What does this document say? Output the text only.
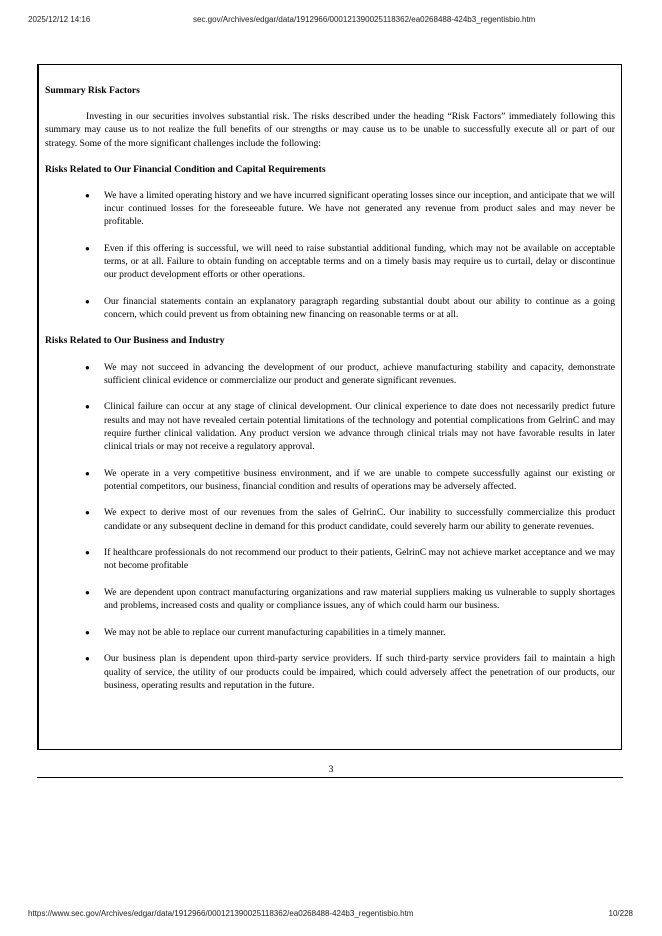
2025/12/12 14:16	sec.gov/Archives/edgar/data/1912966/000121390025118362/ea0268488-424b3_regentisbio.htm

Summary Risk Factors

Investing in our securities involves substantial risk. The risks described under the heading “Risk Factors” immediately following this summary may cause us to not realize the full benefits of our strengths or may cause us to be unable to successfully execute all or part of our strategy. Some of the more significant challenges include the following:

Risks Related to Our Financial Condition and Capital Requirements

● We have a limited operating history and we have incurred significant operating losses since our inception, and anticipate that we will incur continued losses for the foreseeable future. We have not generated any revenue from product sales and may never be profitable.
● Even if this offering is successful, we will need to raise substantial additional funding, which may not be available on acceptable terms, or at all. Failure to obtain funding on acceptable terms and on a timely basis may require us to curtail, delay or discontinue our product development efforts or other operations.
● Our financial statements contain an explanatory paragraph regarding substantial doubt about our ability to continue as a going concern, which could prevent us from obtaining new financing on reasonable terms or at all.

Risks Related to Our Business and Industry

● We may not succeed in advancing the development of our product, achieve manufacturing stability and capacity, demonstrate sufficient clinical evidence or commercialize our product and generate significant revenues.
● Clinical failure can occur at any stage of clinical development. Our clinical experience to date does not necessarily predict future results and may not have revealed certain potential limitations of the technology and potential complications from GelrinC and may require further clinical validation. Any product version we advance through clinical trials may not have favorable results in later clinical trials or may not receive a regulatory approval.
● We operate in a very competitive business environment, and if we are unable to compete successfully against our existing or potential competitors, our business, financial condition and results of operations may be adversely affected.
● We expect to derive most of our revenues from the sales of GelrinC. Our inability to successfully commercialize this product candidate or any subsequent decline in demand for this product candidate, could severely harm our ability to generate revenues.
● If healthcare professionals do not recommend our product to their patients, GelrinC may not achieve market acceptance and we may not become profitable
● We are dependent upon contract manufacturing organizations and raw material suppliers making us vulnerable to supply shortages and problems, increased costs and quality or compliance issues, any of which could harm our business.
● We may not be able to replace our current manufacturing capabilities in a timely manner.
● Our business plan is dependent upon third-party service providers. If such third-party service providers fail to maintain a high quality of service, the utility of our products could be impaired, which could adversely affect the penetration of our products, our business, operating results and reputation in the future.
3
https://www.sec.gov/Archives/edgar/data/1912966/000121390025118362/ea0268488-424b3_regentisbio.htm	10/228
